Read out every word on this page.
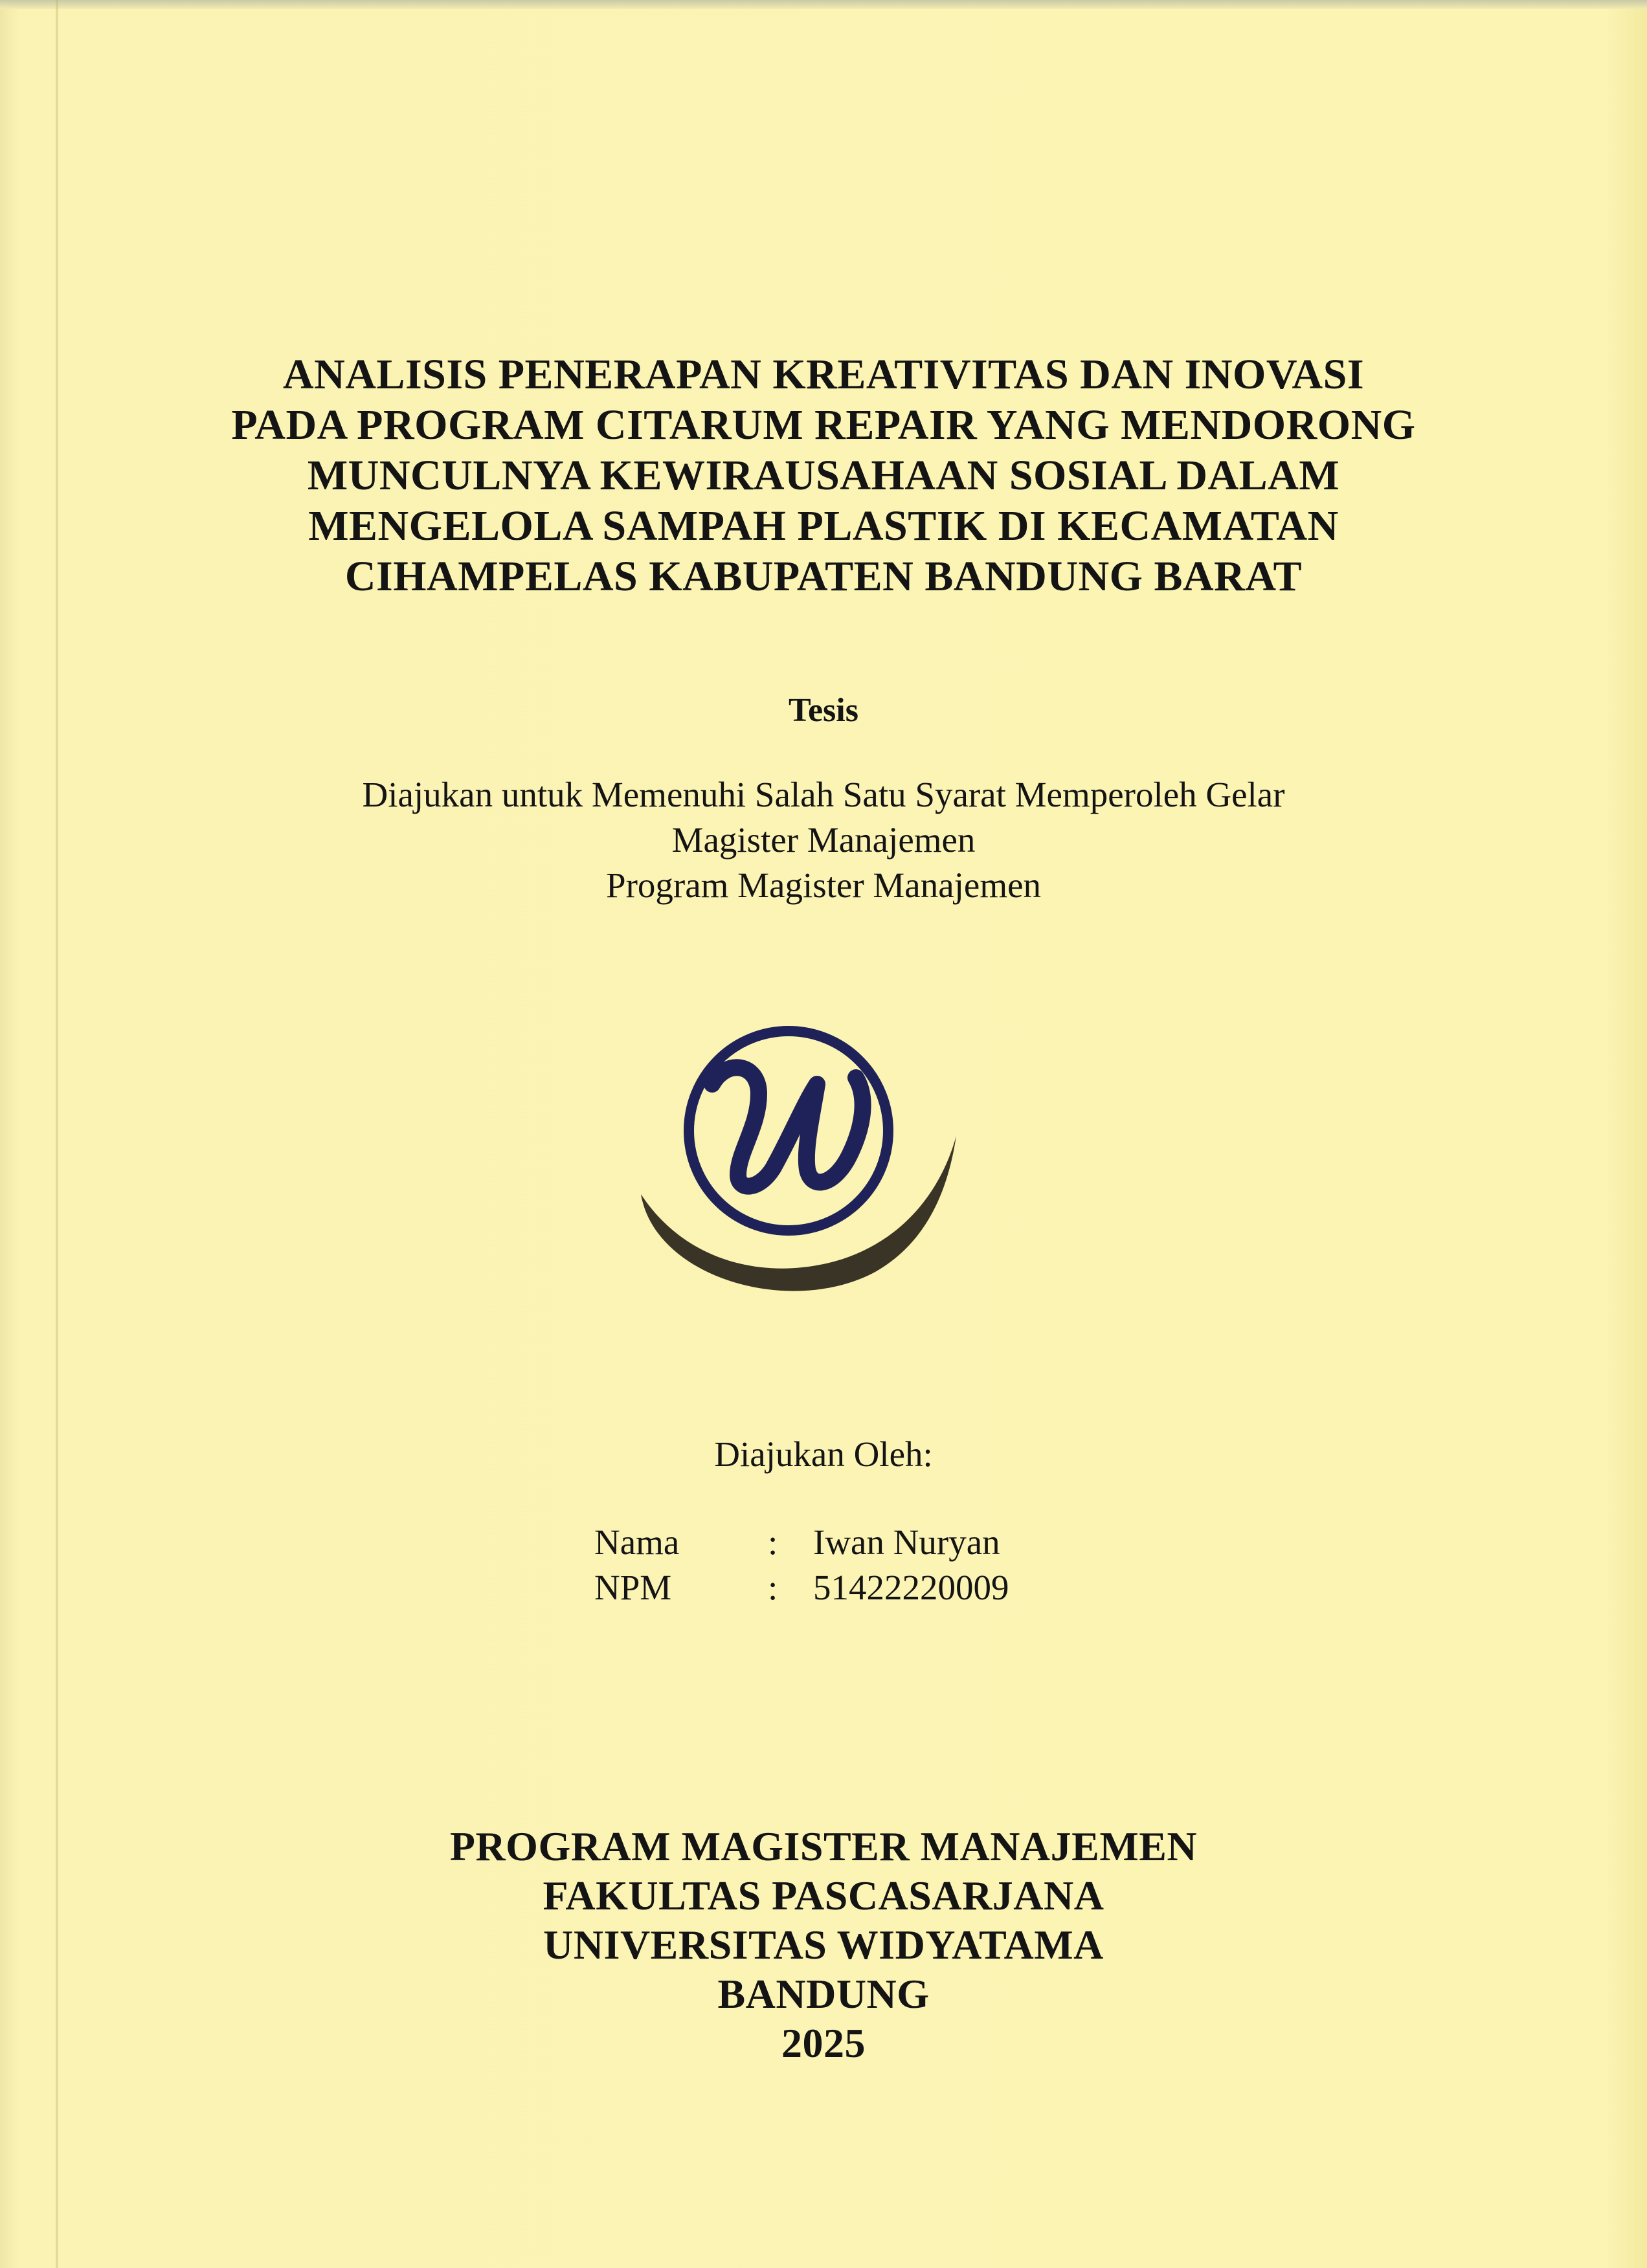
ANALISIS PENERAPAN KREATIVITAS DAN INOVASI
PADA PROGRAM CITARUM REPAIR YANG MENDORONG
MUNCULNYA KEWIRAUSAHAAN SOSIAL DALAM
MENGELOLA SAMPAH PLASTIK DI KECAMATAN
CIHAMPELAS KABUPATEN BANDUNG BARAT
Tesis
Diajukan untuk Memenuhi Salah Satu Syarat Memperoleh Gelar
Magister Manajemen
Program Magister Manajemen
Diajukan Oleh:
Nama	: Iwan Nuryan
NPM	: 51422220009
PROGRAM MAGISTER MANAJEMEN
FAKULTAS PASCASARJANA
UNIVERSITAS WIDYATAMA
BANDUNG
2025
